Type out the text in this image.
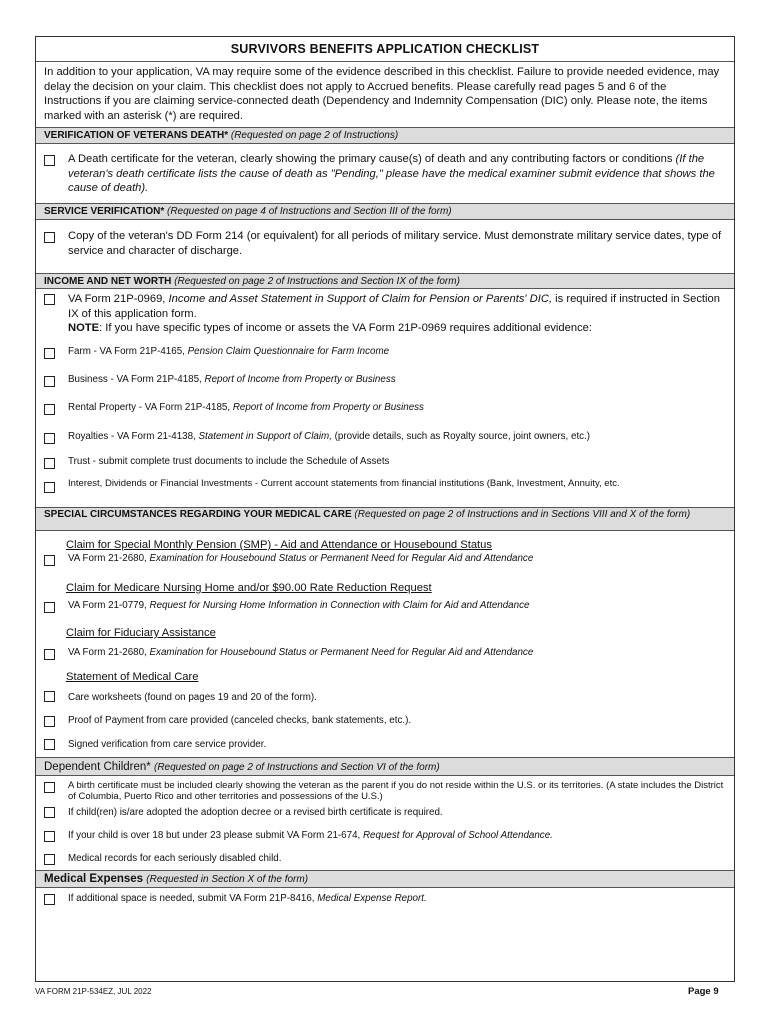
SURVIVORS BENEFITS APPLICATION CHECKLIST
In addition to your application, VA may require some of the evidence described in this checklist. Failure to provide needed evidence, may delay the decision on your claim. This checklist does not apply to Accrued benefits. Please carefully read pages 5 and 6 of the Instructions if you are claiming service-connected death (Dependency and Indemnity Compensation (DIC) only. Please note, the items marked with an asterisk (*) are required.
VERIFICATION OF VETERANS DEATH* (Requested on page 2 of Instructions)
A Death certificate for the veteran, clearly showing the primary cause(s) of death and any contributing factors or conditions (If the veteran's death certificate lists the cause of death as "Pending," please have the medical examiner submit evidence that shows the cause of death).
SERVICE VERIFICATION* (Requested on page 4 of Instructions and Section III of the form)
Copy of the veteran's DD Form 214 (or equivalent) for all periods of military service. Must demonstrate military service dates, type of service and character of discharge.
INCOME AND NET WORTH (Requested on page 2 of Instructions and Section IX of the form)
VA Form 21P-0969, Income and Asset Statement in Support of Claim for Pension or Parents' DIC, is required if instructed in Section IX of this application form.
NOTE: If you have specific types of income or assets the VA Form 21P-0969 requires additional evidence:
Farm - VA Form 21P-4165, Pension Claim Questionnaire for Farm Income
Business - VA Form 21P-4185, Report of Income from Property or Business
Rental Property - VA Form 21P-4185, Report of Income from Property or Business
Royalties - VA Form 21-4138, Statement in Support of Claim, (provide details, such as Royalty source, joint owners, etc.)
Trust - submit complete trust documents to include the Schedule of Assets
Interest, Dividends or Financial Investments - Current account statements from financial institutions (Bank, Investment, Annuity, etc.
SPECIAL CIRCUMSTANCES REGARDING YOUR MEDICAL CARE (Requested on page 2 of Instructions and in Sections VIII and X of the form)
Claim for Special Monthly Pension (SMP) - Aid and Attendance or Housebound Status
VA Form 21-2680, Examination for Housebound Status or Permanent Need for Regular Aid and Attendance
Claim for Medicare Nursing Home and/or $90.00 Rate Reduction Request
VA Form 21-0779, Request for Nursing Home Information in Connection with Claim for Aid and Attendance
Claim for Fiduciary Assistance
VA Form 21-2680, Examination for Housebound Status or Permanent Need for Regular Aid and Attendance
Statement of Medical Care
Care worksheets (found on pages 19 and 20 of the form).
Proof of Payment from care provided (canceled checks, bank statements, etc.).
Signed verification from care service provider.
Dependent Children* (Requested on page 2 of Instructions and Section VI of the form)
A birth certificate must be included clearly showing the veteran as the parent if you do not reside within the U.S. or its territories. (A state includes the District of Columbia, Puerto Rico and other territories and possessions of the U.S.)
If child(ren) is/are adopted the adoption decree or a revised birth certificate is required.
If your child is over 18 but under 23 please submit VA Form 21-674, Request for Approval of School Attendance.
Medical records for each seriously disabled child.
Medical Expenses (Requested in Section X of the form)
If additional space is needed, submit VA Form 21P-8416, Medical Expense Report.
VA FORM 21P-534EZ, JUL 2022	Page 9
